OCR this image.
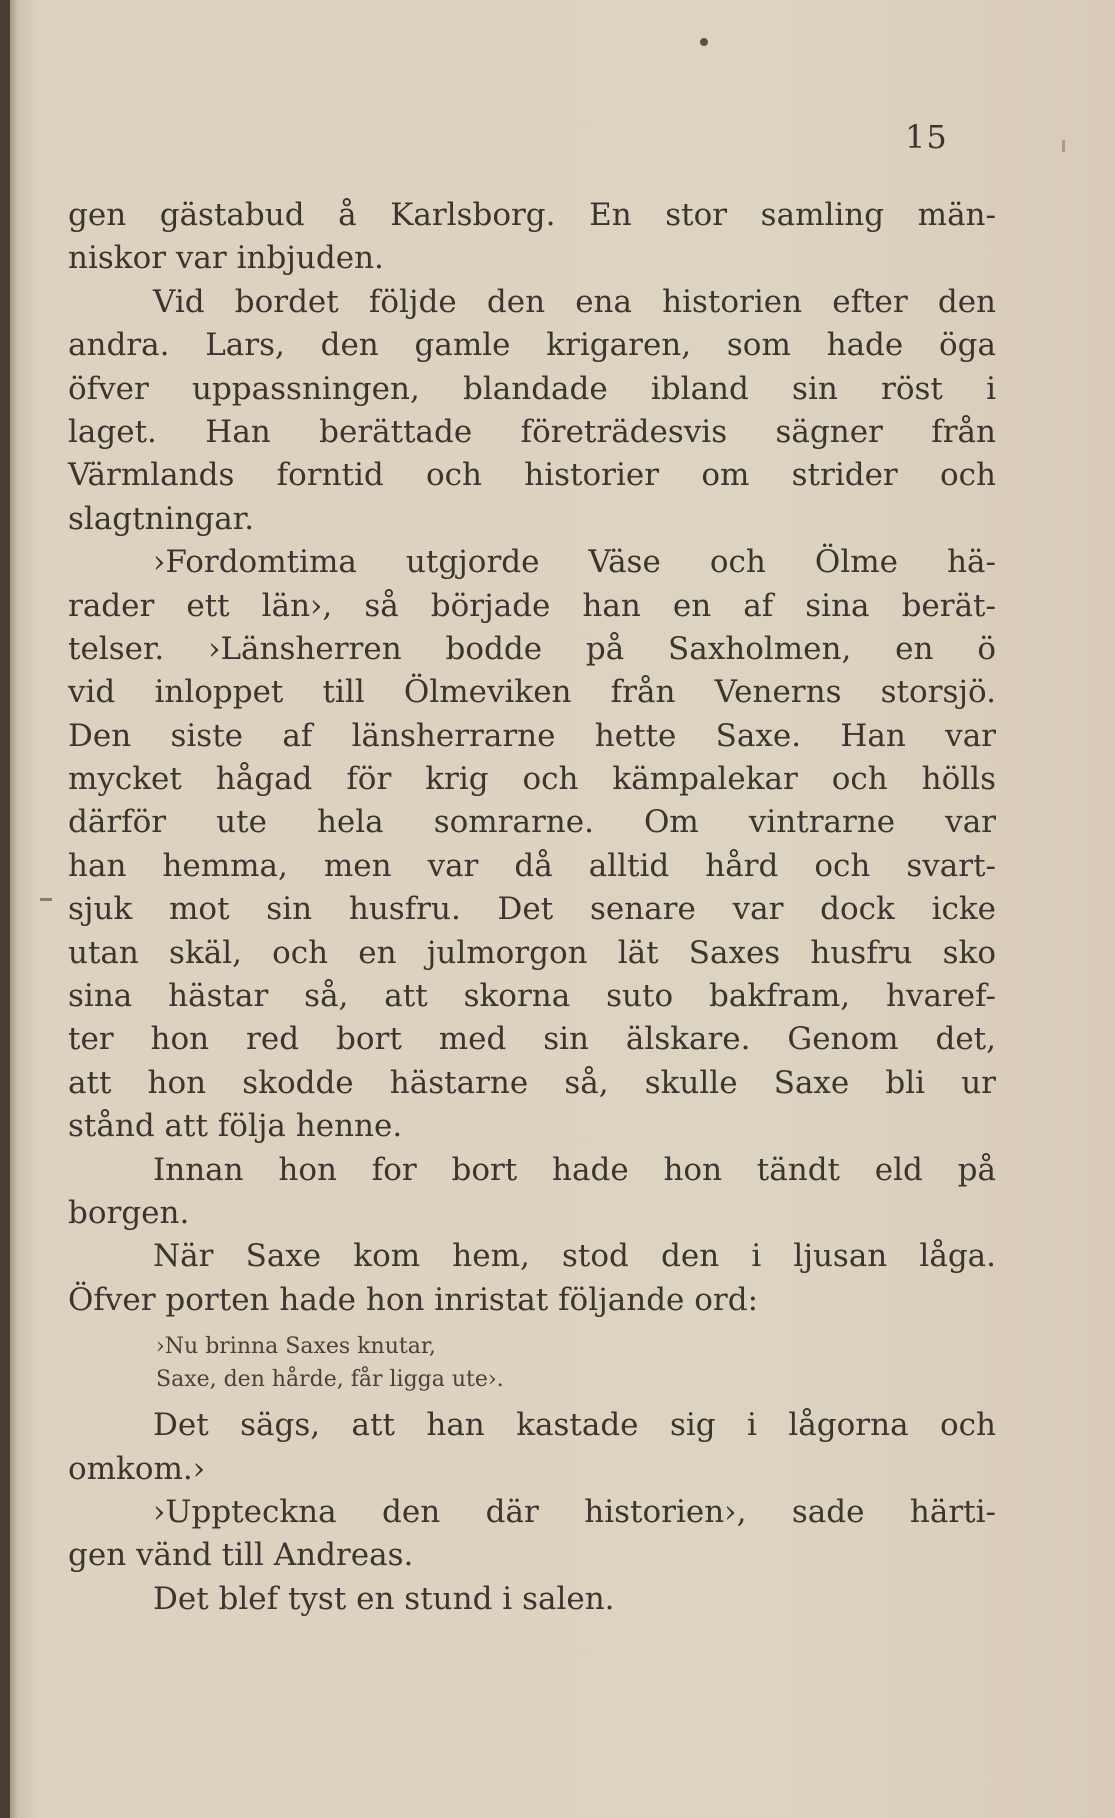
15
gen gästabud å Karlsborg. En stor samling män-
niskor var inbjuden.
Vid bordet följde den ena historien efter den
andra. Lars, den gamle krigaren, som hade öga
öfver uppassningen, blandade ibland sin röst i
laget. Han berättade företrädesvis sägner från
Värmlands forntid och historier om strider och
slagtningar.
›Fordomtima utgjorde Väse och Ölme hä-
rader ett län›, så började han en af sina berät-
telser. ›Länsherren bodde på Saxholmen, en ö
vid inloppet till Ölmeviken från Venerns storsjö.
Den siste af länsherrarne hette Saxe. Han var
mycket hågad för krig och kämpalekar och hölls
därför ute hela somrarne. Om vintrarne var
han hemma, men var då alltid hård och svart-
sjuk mot sin husfru. Det senare var dock icke
utan skäl, och en julmorgon lät Saxes husfru sko
sina hästar så, att skorna suto bakfram, hvaref-
ter hon red bort med sin älskare. Genom det,
att hon skodde hästarne så, skulle Saxe bli ur
stånd att följa henne.
Innan hon for bort hade hon tändt eld på
borgen.
När Saxe kom hem, stod den i ljusan låga.
Öfver porten hade hon inristat följande ord:
›Nu brinna Saxes knutar,
Saxe, den hårde, får ligga ute›.
Det sägs, att han kastade sig i lågorna och
omkom.›
›Uppteckna den där historien›, sade härti-
gen vänd till Andreas.
Det blef tyst en stund i salen.
